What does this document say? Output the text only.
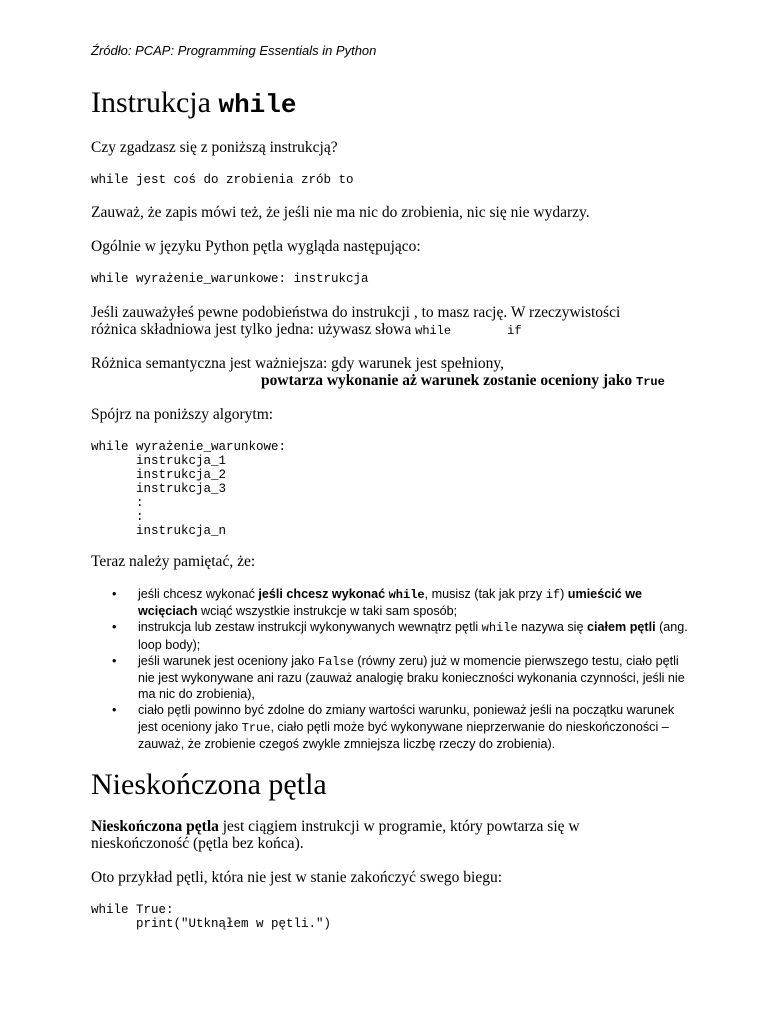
Źródło: PCAP: Programming Essentials in Python
Instrukcja while
Czy zgadzasz się z poniższą instrukcją?
while jest coś do zrobienia zrób to
Zauważ, że zapis mówi też, że jeśli nie ma nic do zrobienia, nic się nie wydarzy.
Ogólnie w języku Python pętla wygląda następująco:
while wyrażenie_warunkowe: instrukcja
Jeśli zauważyłeś pewne podobieństwa do instrukcji , to masz rację. W rzeczywistości
różnica składniowa jest tylko jedna: używasz słowa while	if
Różnica semantyczna jest ważniejsza: gdy warunek jest spełniony,
powtarza wykonanie aż warunek zostanie oceniony jako True
Spójrz na poniższy algorytm:
while wyrażenie_warunkowe:
instrukcja_1
instrukcja_2
instrukcja_3
:
:
instrukcja_n
Teraz należy pamiętać, że:
• jeśli chcesz wykonać jeśli chcesz wykonać while, musisz (tak jak przy if) umieścić we wcięciach wciąć wszystkie instrukcje w taki sam sposób;
• instrukcja lub zestaw instrukcji wykonywanych wewnątrz pętli while nazywa się ciałem pętli (ang. loop body);
• jeśli warunek jest oceniony jako False (równy zeru) już w momencie pierwszego testu, ciało pętli nie jest wykonywane ani razu (zauważ analogię braku konieczności wykonania czynności, jeśli nie ma nic do zrobienia),
• ciało pętli powinno być zdolne do zmiany wartości warunku, ponieważ jeśli na początku warunek jest oceniony jako True, ciało pętli może być wykonywane nieprzerwanie do nieskończoności – zauważ, że zrobienie czegoś zwykle zmniejsza liczbę rzeczy do zrobienia).
Nieskończona pętla
Nieskończona pętla jest ciągiem instrukcji w programie, który powtarza się w
nieskończoność (pętla bez końca).
Oto przykład pętli, która nie jest w stanie zakończyć swego biegu:
while True:
print("Utknąłem w pętli.")
